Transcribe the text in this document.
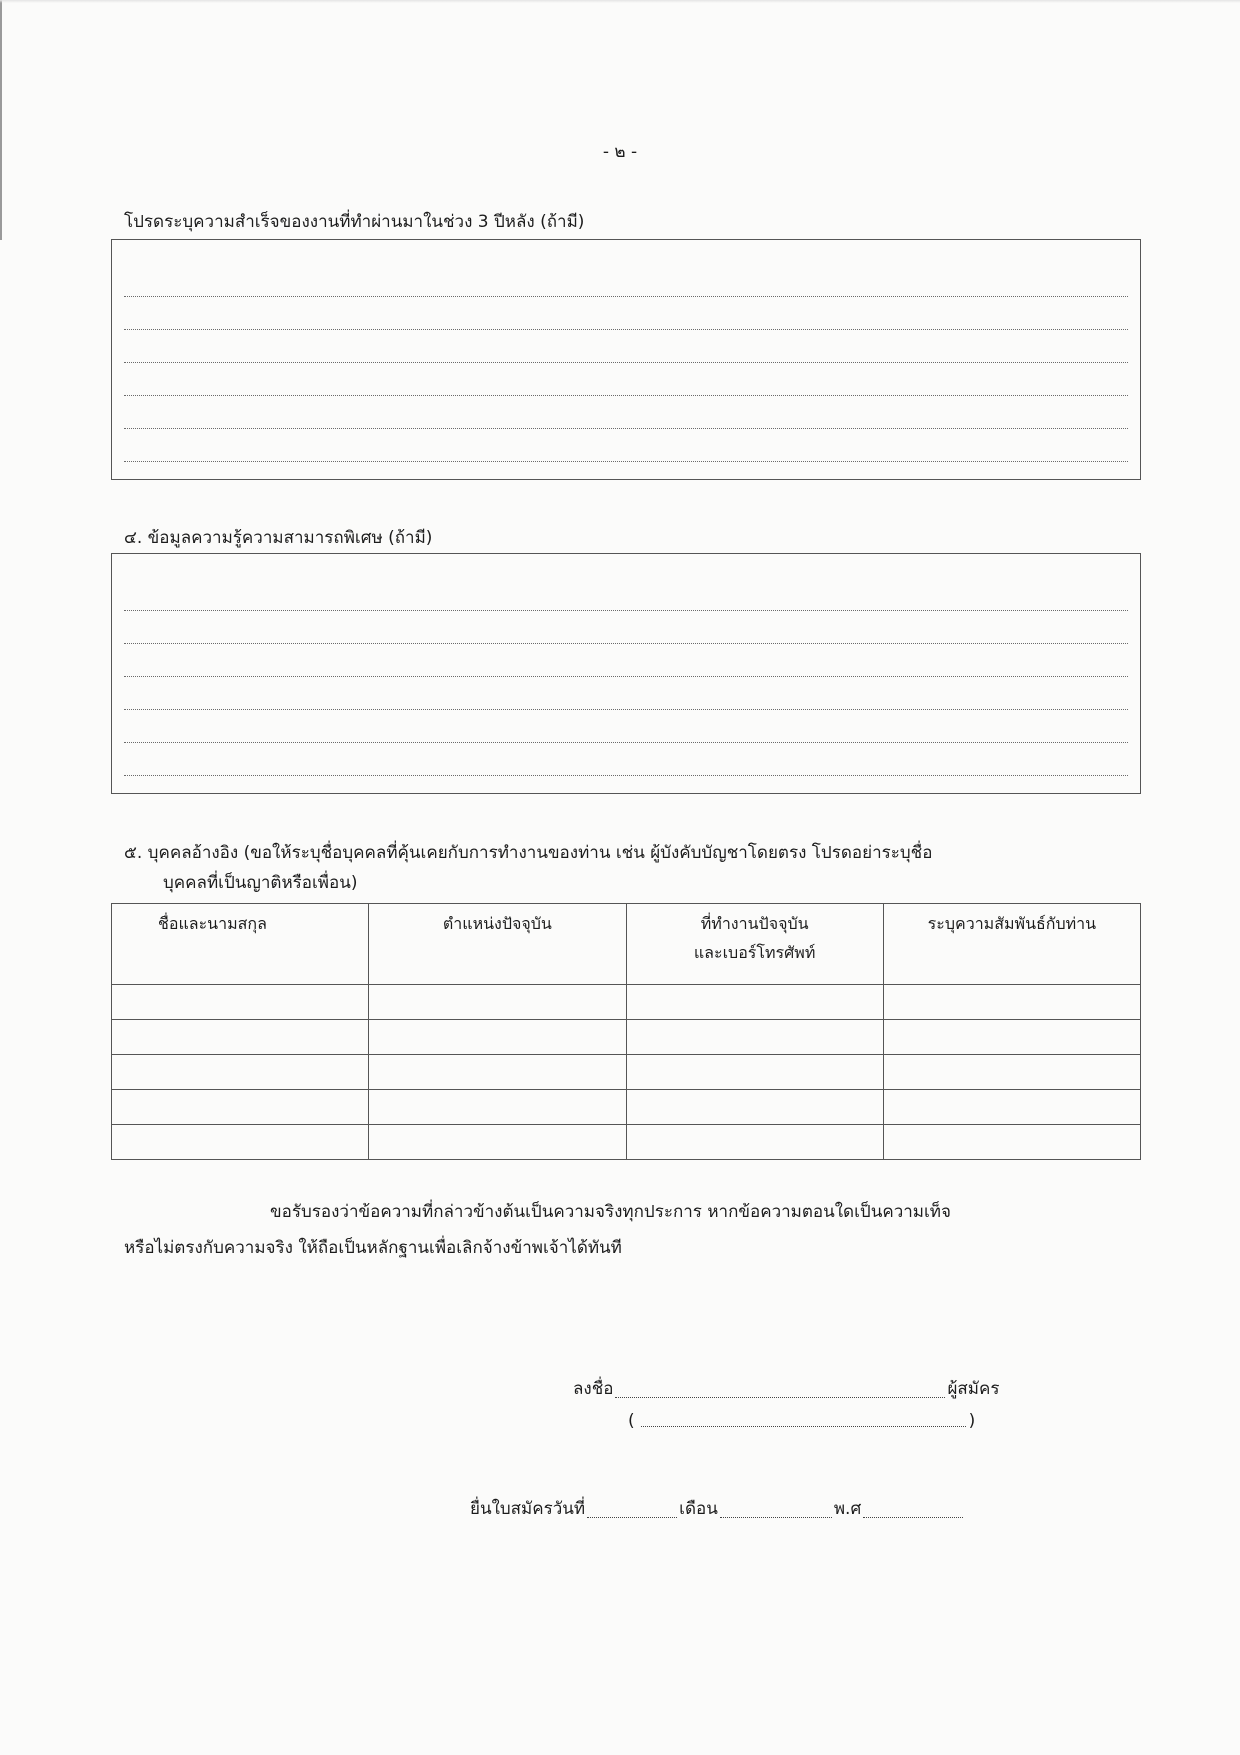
- ๒ -
โปรดระบุความสำเร็จของงานที่ทำผ่านมาในช่วง 3 ปีหลัง (ถ้ามี)
๔. ข้อมูลความรู้ความสามารถพิเศษ (ถ้ามี)
๕. บุคคลอ้างอิง (ขอให้ระบุชื่อบุคคลที่คุ้นเคยกับการทำงานของท่าน เช่น ผู้บังคับบัญชาโดยตรง โปรดอย่าระบุชื่อ
บุคคลที่เป็นญาติหรือเพื่อน)
ชื่อและนามสกุล	ตำแหน่งปัจจุบัน	ที่ทำงานปัจจุบัน
และเบอร์โทรศัพท์	ระบุความสัมพันธ์กับท่าน

ขอรับรองว่าข้อความที่กล่าวข้างต้นเป็นความจริงทุกประการ หากข้อความตอนใดเป็นความเท็จ
หรือไม่ตรงกับความจริง ให้ถือเป็นหลักฐานเพื่อเลิกจ้างข้าพเจ้าได้ทันที
ลงชื่อ	ผู้สมัคร
(	)
ยื่นใบสมัครวันที่	เดือน	พ.ศ
